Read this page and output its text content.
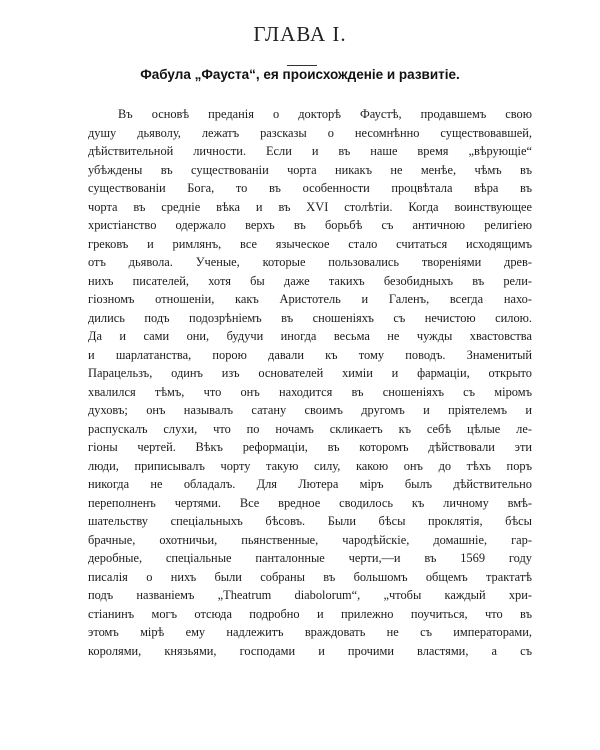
ГЛАВА I.
Фабула „Фауста“, ея происхожденіе и развитіе.
Въ основѣ преданія о докторѣ Фаустѣ, продавшемъ свою
душу дьяволу, лежатъ разсказы о несомнѣнно существовавшей,
дѣйствительной личности. Если и въ наше время „вѣрующіе“
убѣждены въ существованіи чорта никакъ не менѣе, чѣмъ въ
существованіи Бога, то въ особенности процвѣтала вѣра въ
чорта въ средніе вѣка и въ XVI столѣтіи. Когда воинствующее
христіанство одержало верхъ въ борьбѣ съ античною религіею
грековъ и римлянъ, все языческое стало считаться исходящимъ
отъ дьявола. Ученые, которые пользовались твореніями древ-
нихъ писателей, хотя бы даже такихъ безобидныхъ въ рели-
гіозномъ отношеніи, какъ Аристотель и Галенъ, всегда нахо-
дились подъ подозрѣніемъ въ сношеніяхъ съ нечистою силою.
Да и сами они, будучи иногда весьма не чужды хвастовства
и шарлатанства, порою давали къ тому поводъ. Знаменитый
Парацельзъ, одинъ изъ основателей химіи и фармаціи, открыто
хвалился тѣмъ, что онъ находится въ сношеніяхъ съ міромъ
духовъ; онъ называлъ сатану своимъ другомъ и пріятелемъ и
распускалъ слухи, что по ночамъ скликаетъ къ себѣ цѣлые ле-
гіоны чертей. Вѣкъ реформаціи, въ которомъ дѣйствовали эти
люди, приписывалъ чорту такую силу, какою онъ до тѣхъ поръ
никогда не обладалъ. Для Лютера міръ былъ дѣйствительно
переполненъ чертями. Все вредное сводилось къ личному вмѣ-
шательству спеціальныхъ бѣсовъ. Были бѣсы проклятія, бѣсы
брачные, охотничьи, пьянственные, чародѣйскіе, домашніе, гар-
деробные, спеціальные панталонные черти,—и въ 1569 году
писалія о нихъ были собраны въ большомъ общемъ трактатѣ
подъ названіемъ „Theatrum diabolorum“, „чтобы каждый хри-
стіанинъ могъ отсюда подробно и прилежно поучиться, что въ
этомъ мірѣ ему надлежитъ враждовать не съ императорами,
королями, князьями, господами и прочими властями, а съ
